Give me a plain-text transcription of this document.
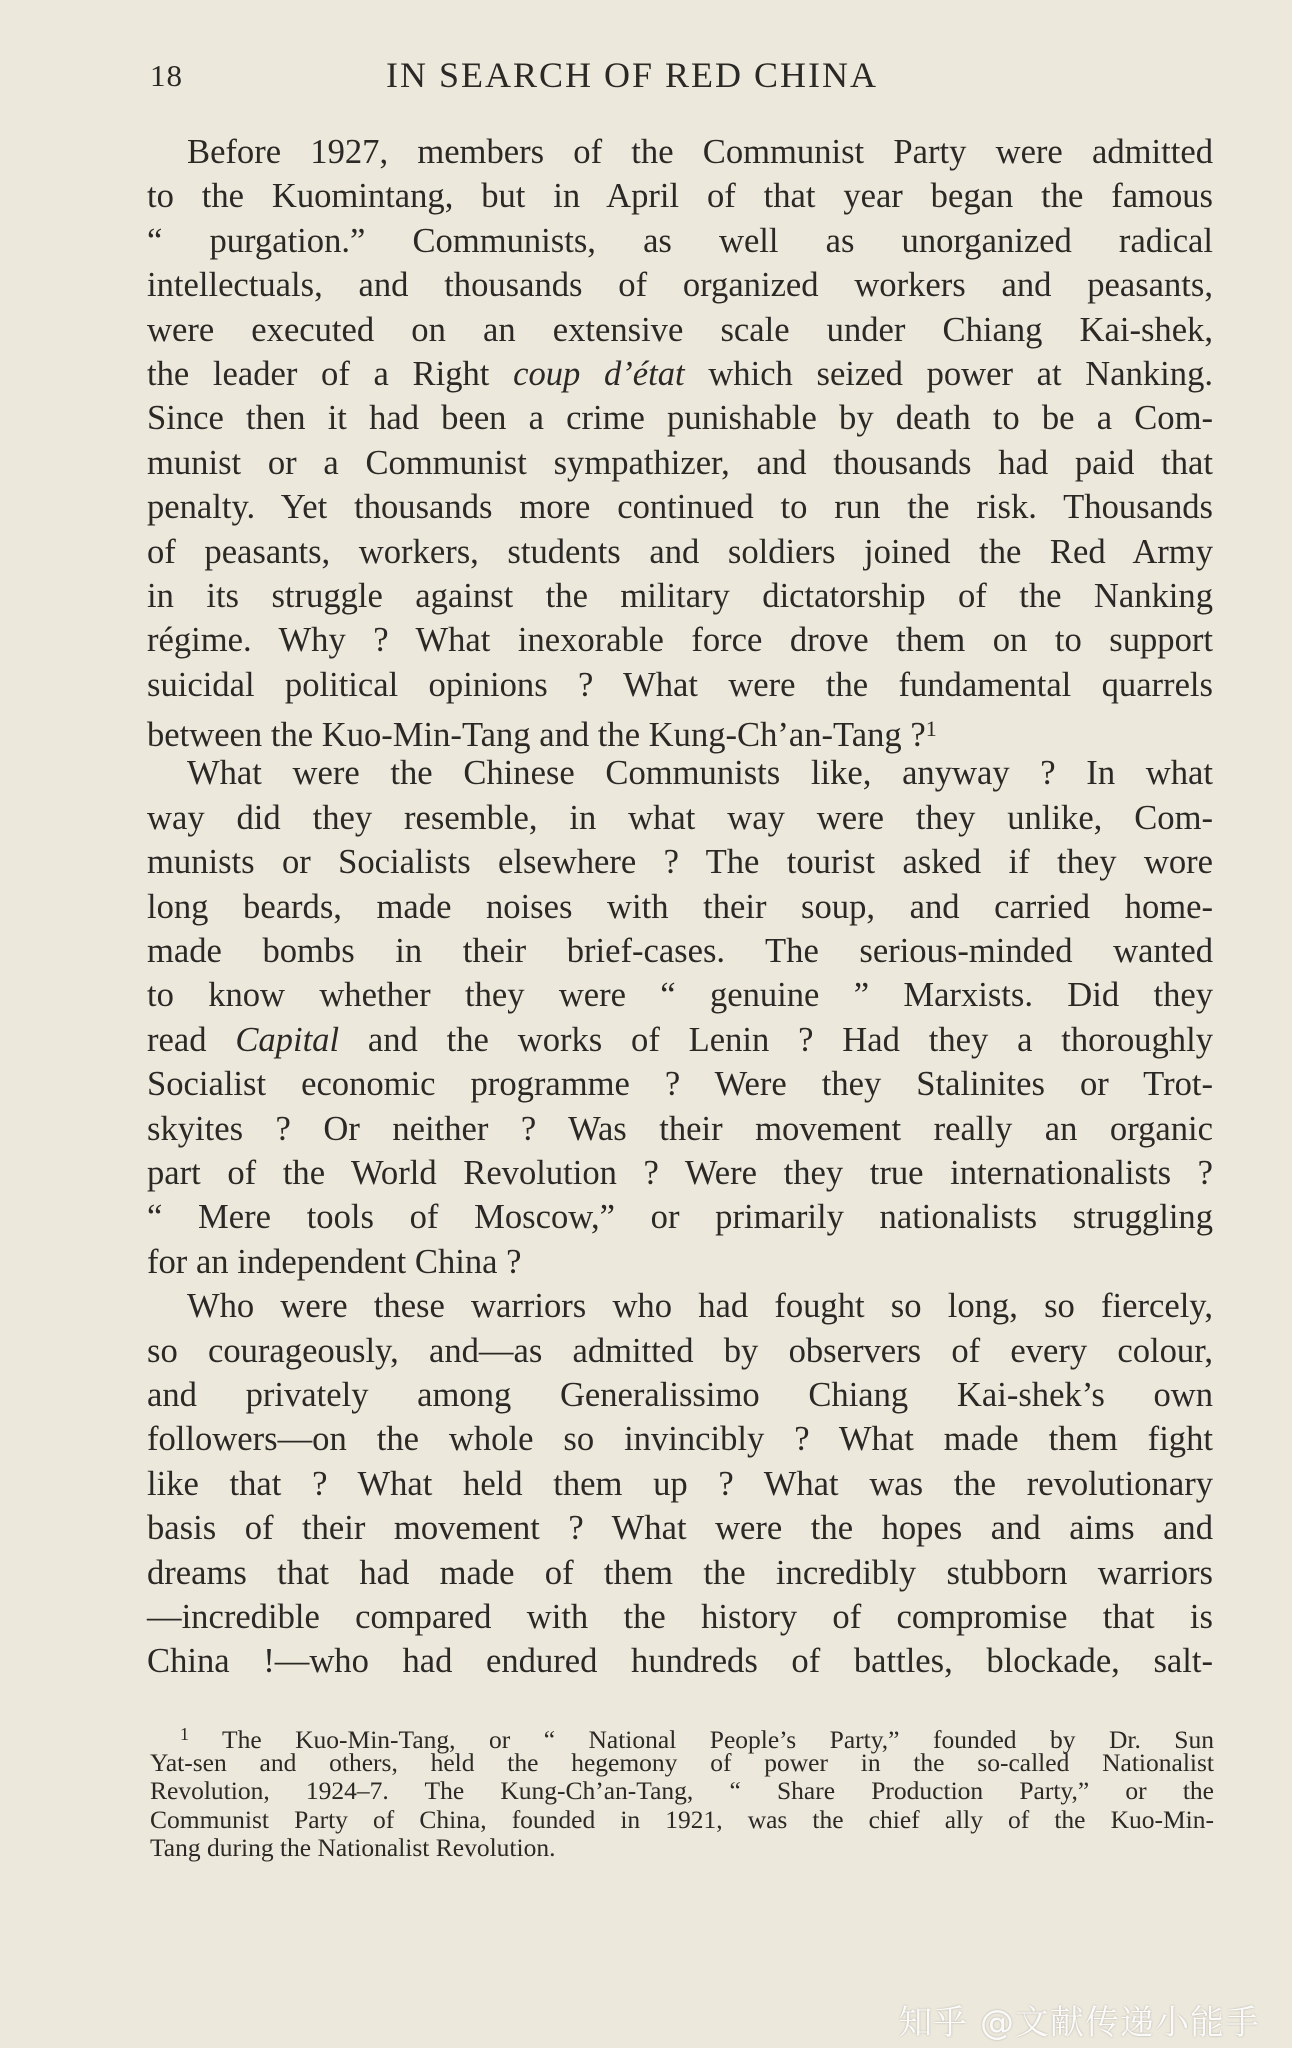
18	IN SEARCH OF RED CHINA
Before 1927, members of the Communist Party were admitted
to the Kuomintang, but in April of that year began the famous
“ purgation.” Communists, as well as unorganized radical
intellectuals, and thousands of organized workers and peasants,
were executed on an extensive scale under Chiang Kai-shek,
the leader of a Right coup d’état which seized power at Nanking.
Since then it had been a crime punishable by death to be a Com-
munist or a Communist sympathizer, and thousands had paid that
penalty. Yet thousands more continued to run the risk. Thousands
of peasants, workers, students and soldiers joined the Red Army
in its struggle against the military dictatorship of the Nanking
régime. Why ? What inexorable force drove them on to support
suicidal political opinions ? What were the fundamental quarrels
between the Kuo-Min-Tang and the Kung-Ch’an-Tang ?$^1$
What were the Chinese Communists like, anyway ? In what
way did they resemble, in what way were they unlike, Com-
munists or Socialists elsewhere ? The tourist asked if they wore
long beards, made noises with their soup, and carried home-
made bombs in their brief-cases. The serious-minded wanted
to know whether they were “ genuine ” Marxists. Did they
read Capital and the works of Lenin ? Had they a thoroughly
Socialist economic programme ? Were they Stalinites or Trot-
skyites ? Or neither ? Was their movement really an organic
part of the World Revolution ? Were they true internationalists ?
“ Mere tools of Moscow,” or primarily nationalists struggling
for an independent China ?
Who were these warriors who had fought so long, so fiercely,
so courageously, and—as admitted by observers of every colour,
and privately among Generalissimo Chiang Kai-shek’s own
followers—on the whole so invincibly ? What made them fight
like that ? What held them up ? What was the revolutionary
basis of their movement ? What were the hopes and aims and
dreams that had made of them the incredibly stubborn warriors
—incredible compared with the history of compromise that is
China !—who had endured hundreds of battles, blockade, salt-
$^1$ The Kuo-Min-Tang, or “ National People’s Party,” founded by Dr. Sun
Yat-sen and others, held the hegemony of power in the so-called Nationalist
Revolution, 1924–7. The Kung-Ch’an-Tang, “ Share Production Party,” or the
Communist Party of China, founded in 1921, was the chief ally of the Kuo-Min-
Tang during the Nationalist Revolution.
知乎 @文献传递小能手
